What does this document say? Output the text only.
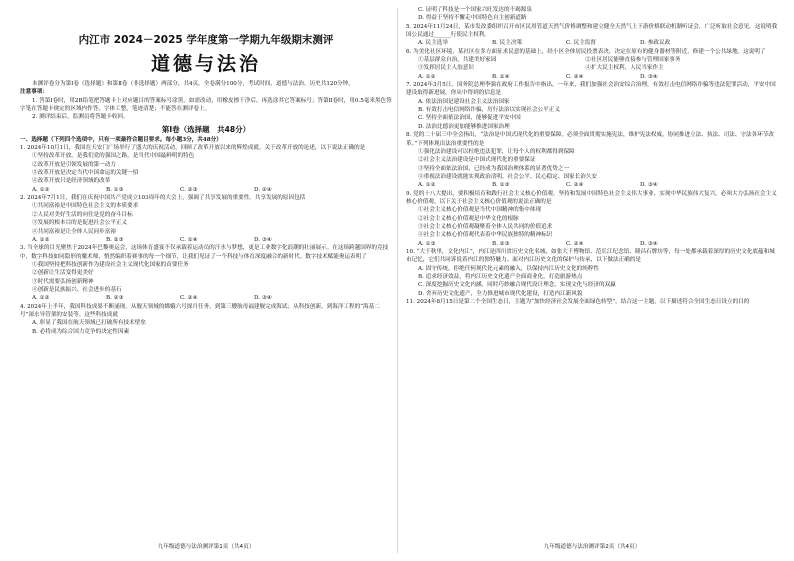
内江市 2024－2025 学年度第一学期九年级期末测评
道德与法治

本测评卷分为第Ⅰ卷（选择题）和第Ⅱ卷（非选择题）两部分，共4页。全卷满分100分，考试时间，道德与法治，历史共120分钟。

注意事项：

1. 答第Ⅰ卷时，用2B铅笔把答题卡上对应题目的答案标号涂黑，如需改动，用橡皮擦干净后，再选涂其它答案标号；答第Ⅱ卷时，用0.5毫米黑色签字笔在答题卡规定的区域内作答，字体工整，笔迹清楚；不能答在测评卷上。

2. 测评结束后，监测员将答题卡收回。

第Ⅰ卷（选择题　共48分）

一、选择题（下列四个选项中，只有一项最符合题目要求。每小题3分，共48分）

1. 2024年10月1日，我国在天安门广场举行了盛大的庆祝活动，回顾了改革开放以来的辉煌成就。关于改革开放的论述，以下说法正确的是

①坚持改革开放，是我们党的强国之路，是当代中国最鲜明的特色

②改革开放是引领发展的第一动力

③改革开放是决定当代中国命运的关键一招

④改革开放只是经济领域的改革

A. ①②	B. ①③	C. ②③	D. ②④

2. 2024年7月1日，我们在庆祝中国共产党成立103周年的大会上，强调了共享发展的重要性。共享发展的原因包括

①共同富裕是中国特色社会主义的本质要求

②人民对美好生活的向往是党的奋斗目标

③发展的根本目的是促进社会公平正义

④共同富裕是让全体人民同步富裕

A. ①②	B. ②③	C. ①④	D. ③④

3. 当全球的目光聚焦于2024年巴黎奥运会，这场体育盛宴不仅承载着运动员的汗水与梦想，更是工业数字化浪潮的壮丽展示。在这场跨越国界的竞技中，数字科技如同隐形的魔术师，悄然编织着赛事的每一个细节，让我们见证了一个科技与体育深度融合的新时代。数字技术赋能奥运表明了

①我国坚持把科技创新作为建设社会主义现代化国家的首要任务

②创新让生活变得更美好

③时代需要弘扬创新精神

④创新是民族振兴、社会进步的基石

A. ①②	B. ②③	C. ②④	D. ③④

4. 2024年上半年，我国科技成果不断涌现。从舰天领域的嫦娥六号探月任务，到第三艘航母福建舰完成海试；从科技创新，到海洋工程的“海基二号”深水导管架的安装等。这些科技成就

A. 彰显了我国在航天领域已打破所有技术壁垒

B. 必将成为综合国力竞争的决定性因素

九年级道德与法治测评第1页（共4页）

C. 证明了科技是一个国家兴旺发达的不竭源泉

D. 得益于坚持不懈走中国特色自主创新道路

5. 2024年11月24日，某市发改委组织召开市区民用管道天然气价格调整和建立健全天然气上下游价格联动机制听证会，广泛听取社会意见。这说明我国公民通过______行使民主权利。

A. 民主选举	B. 民主决策	C. 民主监督	D. 参政议政

6. 为美化社区环境，某社区在多方面征求民意的基础上，经小区全体居民投票表决，决定在原有的健身器材等附近，修建一个公共绿地。这说明了

①基层群众自治，共建美好家园	②社区居民能够直接参与管理国家事务

③发挥居民主人翁意识	④扩大民主权利，人民当家作主

A. ①②	B. ①④	C. ②④	D. ③④

7. 2024年3月5日，国务院总理李强在政府工作报告中指出，一年来，我们加强社会治安综合治理，有效打击电信网络诈骗等违法犯罪活动，平安中国建设取得新进展。你从中得到的信息是

A. 依法治国是建设社会主义法治国家

B. 有效打击电信网络诈骗，厉行法治以实现社会公平正义

C. 坚持全面依法治国，能够促进平安中国

D. 法治比德治更加能够推进国家治理

8. 党的二十届三中全会指出，“法治是中国式现代化的重要保障。必须全面贯彻实施宪法，维护宪法权威，协同推进立法、执法、司法、守法各环节改革。”下列体现出法治重要性的是

①强化法治建设可以杜绝违法犯罪，让每个人的权利都得到保障

②社会主义法治建设是中国式现代化的重要保证

③坚持全面依法治国，已经成为我国治理体系的显著优势之一

④重视法治建设就能实现政治清明、社会公平、民心稳定、国家长治久安

A. ①②	B. ①③	C. ②④	D. ③④

9. 党的十八大提出，要积极培育和践行社会主义核心价值观。坚持和发展中国特色社会主义伟大事业、实现中华民族伟大复兴，必须大力弘扬社会主义核心价值观。以下关于社会主义核心价值观的说法正确的是

①社会主义核心价值观是当代中国精神的集中体现

②社会主义核心价值观是中华文化的根脉

③社会主义核心价值观凝聚着全体人民共同的价值追求

④社会主义核心价值观代表着中华民族独特的精神标识

A. ①③	B. ②③	C. ②④	D. ③④

10. “大千秋里，文化内江”，内江是四川省历史文化名城，如张大千博物馆、范长江纪念馆、隆昌石牌坊等，每一处都承载着深厚的历史文化底蕴和城市记忆，它们共同诉说着内江的独特魅力。面对内江历史文化的保护与传承，以下做法正确的是

A. 固守传统，拒绝任何现代化元素的融入，以保持内江历史文化的纯粹性

B. 追求经济效益，将内江历史文化遗产全面商业化，打造旅游热点

C. 深度挖掘历史文化内涵，同时巧妙融合现代设计理念，实现文化与经济的双赢

D. 舍弃历史文化遗产，全力推进城市现代化建设，打造内江新风貌

11. 2024年8月15日是第二个全国生态日，主题为“加快经济社会发展全面绿色转型”。结合这一主题，以下描述符合全国生态日设立的目的

九年级道德与法治测评第2页（共4页）
